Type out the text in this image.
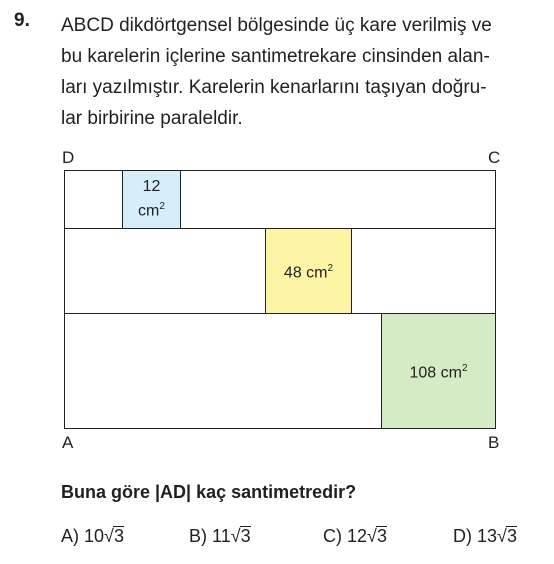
9. ABCD dikdörtgensel bölgesinde üç kare verilmiş ve
bu karelerin içlerine santimetrekare cinsinden alan-
ları yazılmıştır. Karelerin kenarlarını taşıyan doğru-
lar birbirine paraleldir.
D	C
A	B
12
$cm^2$
48 $cm^2$
108 $cm^2$
Buna göre |AD| kaç santimetredir?
A) 10√3	B) 11√3	C) 12√3	D) 13√3
